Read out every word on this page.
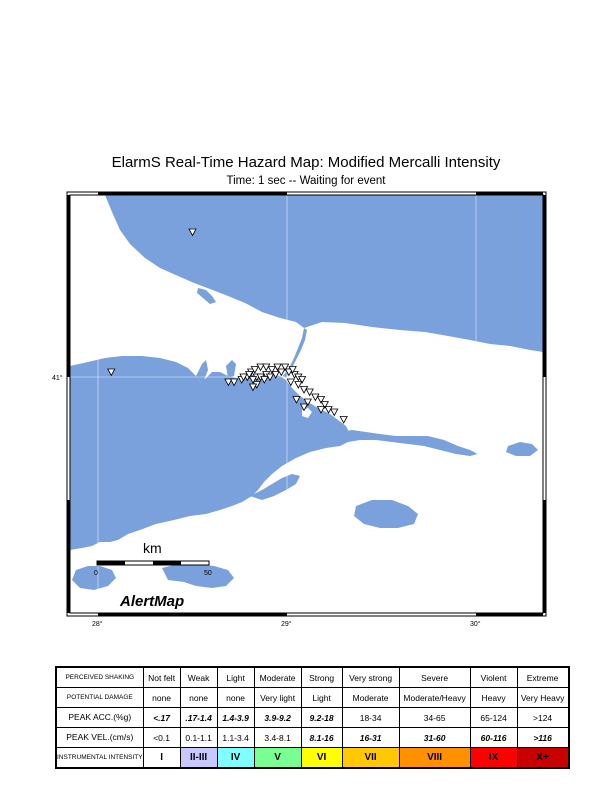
ElarmS Real-Time Hazard Map: Modified Mercalli Intensity
Time: 1 sec -- Waiting for event
28°	29°	30°
41°
km
0	50
AlertMap
PERCEIVED SHAKING	Not felt	Weak	Light	Moderate	Strong	Very strong	Severe	Violent	Extreme
POTENTIAL DAMAGE	none	none	none	Very light	Light	Moderate	Moderate/Heavy	Heavy	Very Heavy
PEAK ACC.(%g)	<.17	.17-1.4	1.4-3.9	3.9-9.2	9.2-18	18-34	34-65	65-124	>124
PEAK VEL.(cm/s)	<0.1	0.1-1.1	1.1-3.4	3.4-8.1	8.1-16	16-31	31-60	60-116	>116
INSTRUMENTAL INTENSITY	I	II-III	IV	V	VI	VII	VIII	IX	X+
